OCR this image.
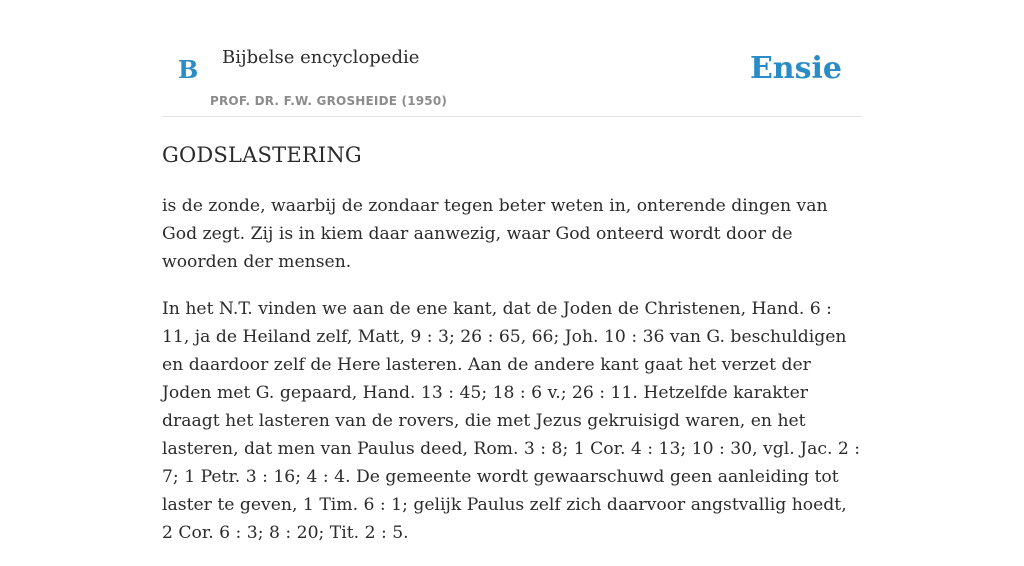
B Bijbelse encyclopedie
PROF. DR. F.W. GROSHEIDE (1950)
Ensie
GODSLASTERING

is de zonde, waarbij de zondaar tegen beter weten in, onterende dingen van God zegt. Zij is in kiem daar aanwezig, waar God onteerd wordt door de woorden der mensen.

In het N.T. vinden we aan de ene kant, dat de Joden de Christenen, Hand. 6 : 11, ja de Heiland zelf, Matt, 9 : 3; 26 : 65, 66; Joh. 10 : 36 van G. beschuldigen en daardoor zelf de Here lasteren. Aan de andere kant gaat het verzet der Joden met G. gepaard, Hand. 13 : 45; 18 : 6 v.; 26 : 11. Hetzelfde karakter draagt het lasteren van de rovers, die met Jezus gekruisigd waren, en het lasteren, dat men van Paulus deed, Rom. 3 : 8; 1 Cor. 4 : 13; 10 : 30, vgl. Jac. 2 : 7; 1 Petr. 3 : 16; 4 : 4. De gemeente wordt gewaarschuwd geen aanleiding tot laster te geven, 1 Tim. 6 : 1; gelijk Paulus zelf zich daarvoor angstvallig hoedt, 2 Cor. 6 : 3; 8 : 20; Tit. 2 : 5.
